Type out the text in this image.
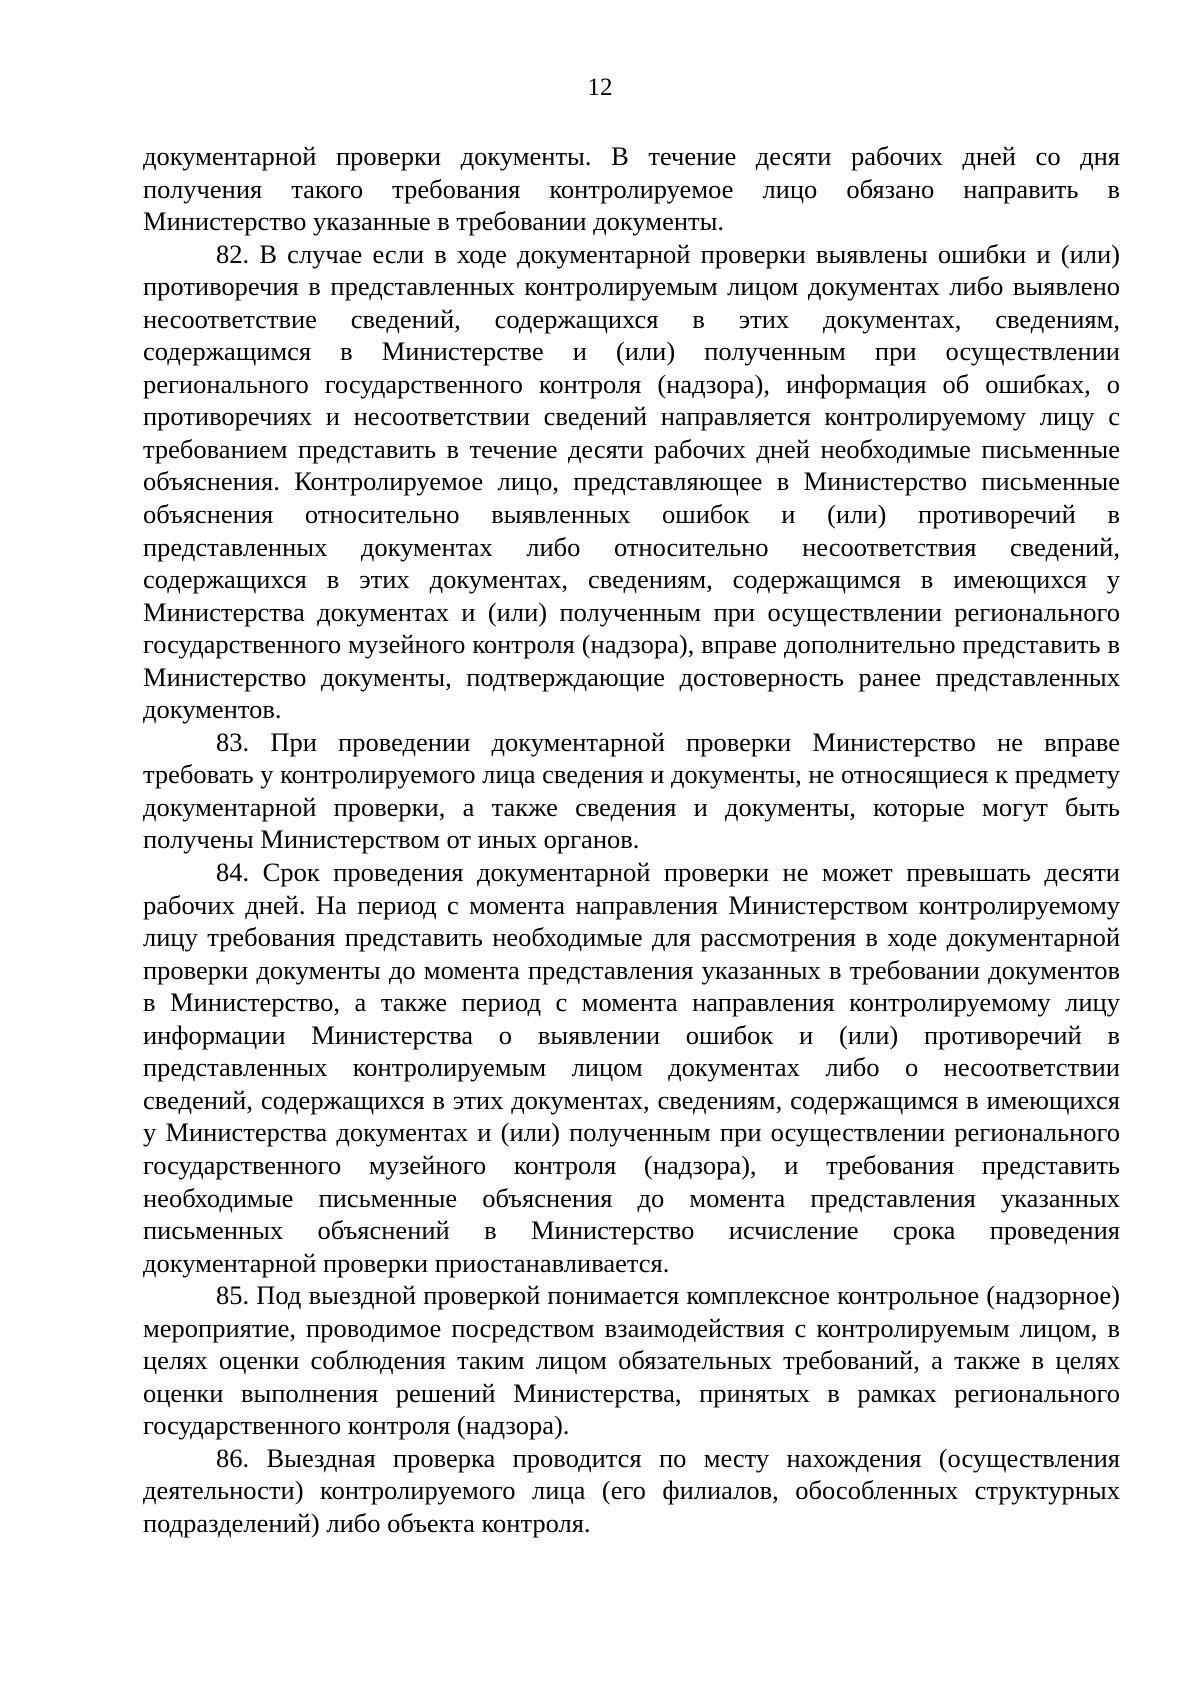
12

документарной проверки документы. В течение десяти рабочих дней со дня получения такого требования контролируемое лицо обязано направить в Министерство указанные в требовании документы.

82. В случае если в ходе документарной проверки выявлены ошибки и (или) противоречия в представленных контролируемым лицом документах либо выявлено несоответствие сведений, содержащихся в этих документах, сведениям, содержащимся в Министерстве и (или) полученным при осуществлении регионального государственного контроля (надзора), информация об ошибках, о противоречиях и несоответствии сведений направляется контролируемому лицу с требованием представить в течение десяти рабочих дней необходимые письменные объяснения. Контролируемое лицо, представляющее в Министерство письменные объяснения относительно выявленных ошибок и (или) противоречий в представленных документах либо относительно несоответствия сведений, содержащихся в этих документах, сведениям, содержащимся в имеющихся у Министерства документах и (или) полученным при осуществлении регионального государственного музейного контроля (надзора), вправе дополнительно представить в Министерство документы, подтверждающие достоверность ранее представленных документов.

83. При проведении документарной проверки Министерство не вправе требовать у контролируемого лица сведения и документы, не относящиеся к предмету документарной проверки, а также сведения и документы, которые могут быть получены Министерством от иных органов.

84. Срок проведения документарной проверки не может превышать десяти рабочих дней. На период с момента направления Министерством контролируемому лицу требования представить необходимые для рассмотрения в ходе документарной проверки документы до момента представления указанных в требовании документов в Министерство, а также период с момента направления контролируемому лицу информации Министерства о выявлении ошибок и (или) противоречий в представленных контролируемым лицом документах либо о несоответствии сведений, содержащихся в этих документах, сведениям, содержащимся в имеющихся у Министерства документах и (или) полученным при осуществлении регионального государственного музейного контроля (надзора), и требования представить необходимые письменные объяснения до момента представления указанных письменных объяснений в Министерство исчисление срока проведения документарной проверки приостанавливается.

85. Под выездной проверкой понимается комплексное контрольное (надзорное) мероприятие, проводимое посредством взаимодействия с контролируемым лицом, в целях оценки соблюдения таким лицом обязательных требований, а также в целях оценки выполнения решений Министерства, принятых в рамках регионального государственного контроля (надзора).

86. Выездная проверка проводится по месту нахождения (осуществления деятельности) контролируемого лица (его филиалов, обособленных структурных подразделений) либо объекта контроля.
